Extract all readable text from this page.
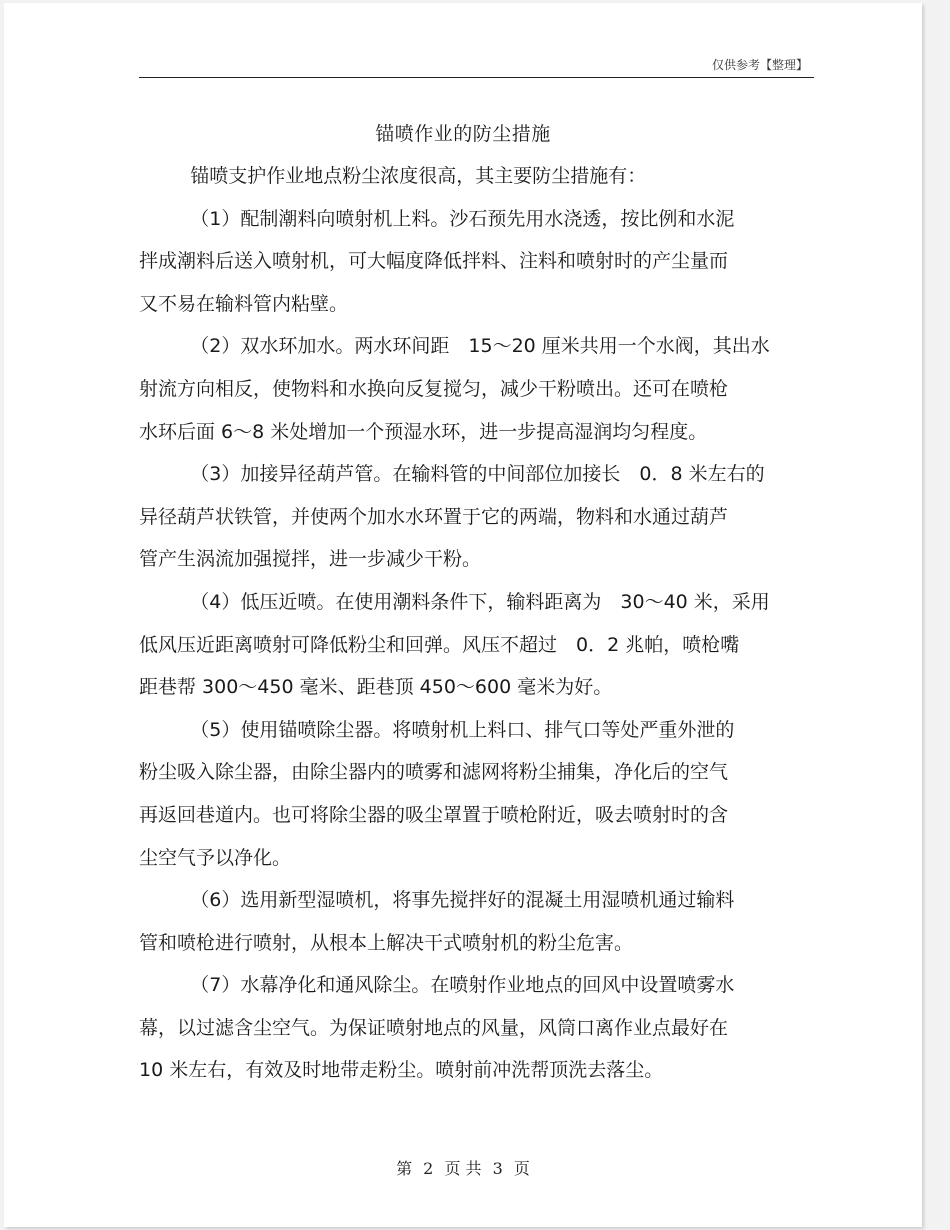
仅供参考【整理】
锚喷作业的防尘措施
锚喷支护作业地点粉尘浓度很高，其主要防尘措施有：
（1）配制潮料向喷射机上料。沙石预先用水浇透，按比例和水泥
拌成潮料后送入喷射机，可大幅度降低拌料、注料和喷射时的产尘量而
又不易在输料管内粘壁。
（2）双水环加水。两水环间距　15～20 厘米共用一个水阀，其出水
射流方向相反，使物料和水换向反复搅匀，减少干粉喷出。还可在喷枪
水环后面 6～8 米处增加一个预湿水环，进一步提高湿润均匀程度。
（3）加接异径葫芦管。在输料管的中间部位加接长　0．8 米左右的
异径葫芦状铁管，并使两个加水水环置于它的两端，物料和水通过葫芦
管产生涡流加强搅拌，进一步减少干粉。
（4）低压近喷。在使用潮料条件下，输料距离为　30～40 米，采用
低风压近距离喷射可降低粉尘和回弹。风压不超过　0．2 兆帕，喷枪嘴
距巷帮 300～450 毫米、距巷顶 450～600 毫米为好。
（5）使用锚喷除尘器。将喷射机上料口、排气口等处严重外泄的
粉尘吸入除尘器，由除尘器内的喷雾和滤网将粉尘捕集，净化后的空气
再返回巷道内。也可将除尘器的吸尘罩置于喷枪附近，吸去喷射时的含
尘空气予以净化。
（6）选用新型湿喷机，将事先搅拌好的混凝土用湿喷机通过输料
管和喷枪进行喷射，从根本上解决干式喷射机的粉尘危害。
（7）水幕净化和通风除尘。在喷射作业地点的回风中设置喷雾水
幕，以过滤含尘空气。为保证喷射地点的风量，风筒口离作业点最好在
10 米左右，有效及时地带走粉尘。喷射前冲洗帮顶洗去落尘。
第 2 页 共 3 页
